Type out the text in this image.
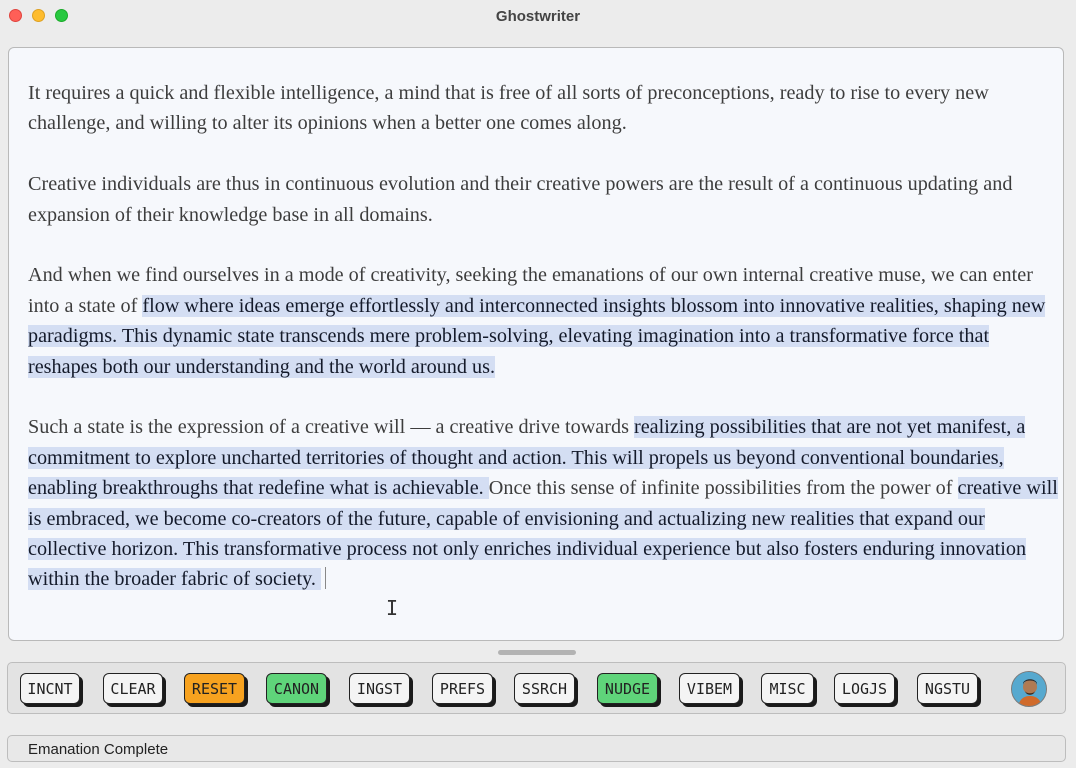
Ghostwriter

It requires a quick and flexible intelligence, a mind that is free of all sorts of preconceptions, ready to rise to every new challenge, and willing to alter its opinions when a better one comes along.

Creative individuals are thus in continuous evolution and their creative powers are the result of a continuous updating and expansion of their knowledge base in all domains.

And when we find ourselves in a mode of creativity, seeking the emanations of our own internal creative muse, we can enter into a state of flow where ideas emerge effortlessly and interconnected insights blossom into innovative realities, shaping new paradigms. This dynamic state transcends mere problem-solving, elevating imagination into a transformative force that reshapes both our understanding and the world around us.

Such a state is the expression of a creative will — a creative drive towards realizing possibilities that are not yet manifest, a commitment to explore uncharted territories of thought and action. This will propels us beyond conventional boundaries, enabling breakthroughs that redefine what is achievable. Once this sense of infinite possibilities from the power of creative will is embraced, we become co-creators of the future, capable of envisioning and actualizing new realities that expand our collective horizon. This transformative process not only enriches individual experience but also fosters enduring innovation within the broader fabric of society.

I
INCNT	CLEAR	RESET	CANON	INGST	PREFS	SSRCH	NUDGE	VIBEM	MISC	LOGJS	NGSTU
Emanation Complete
